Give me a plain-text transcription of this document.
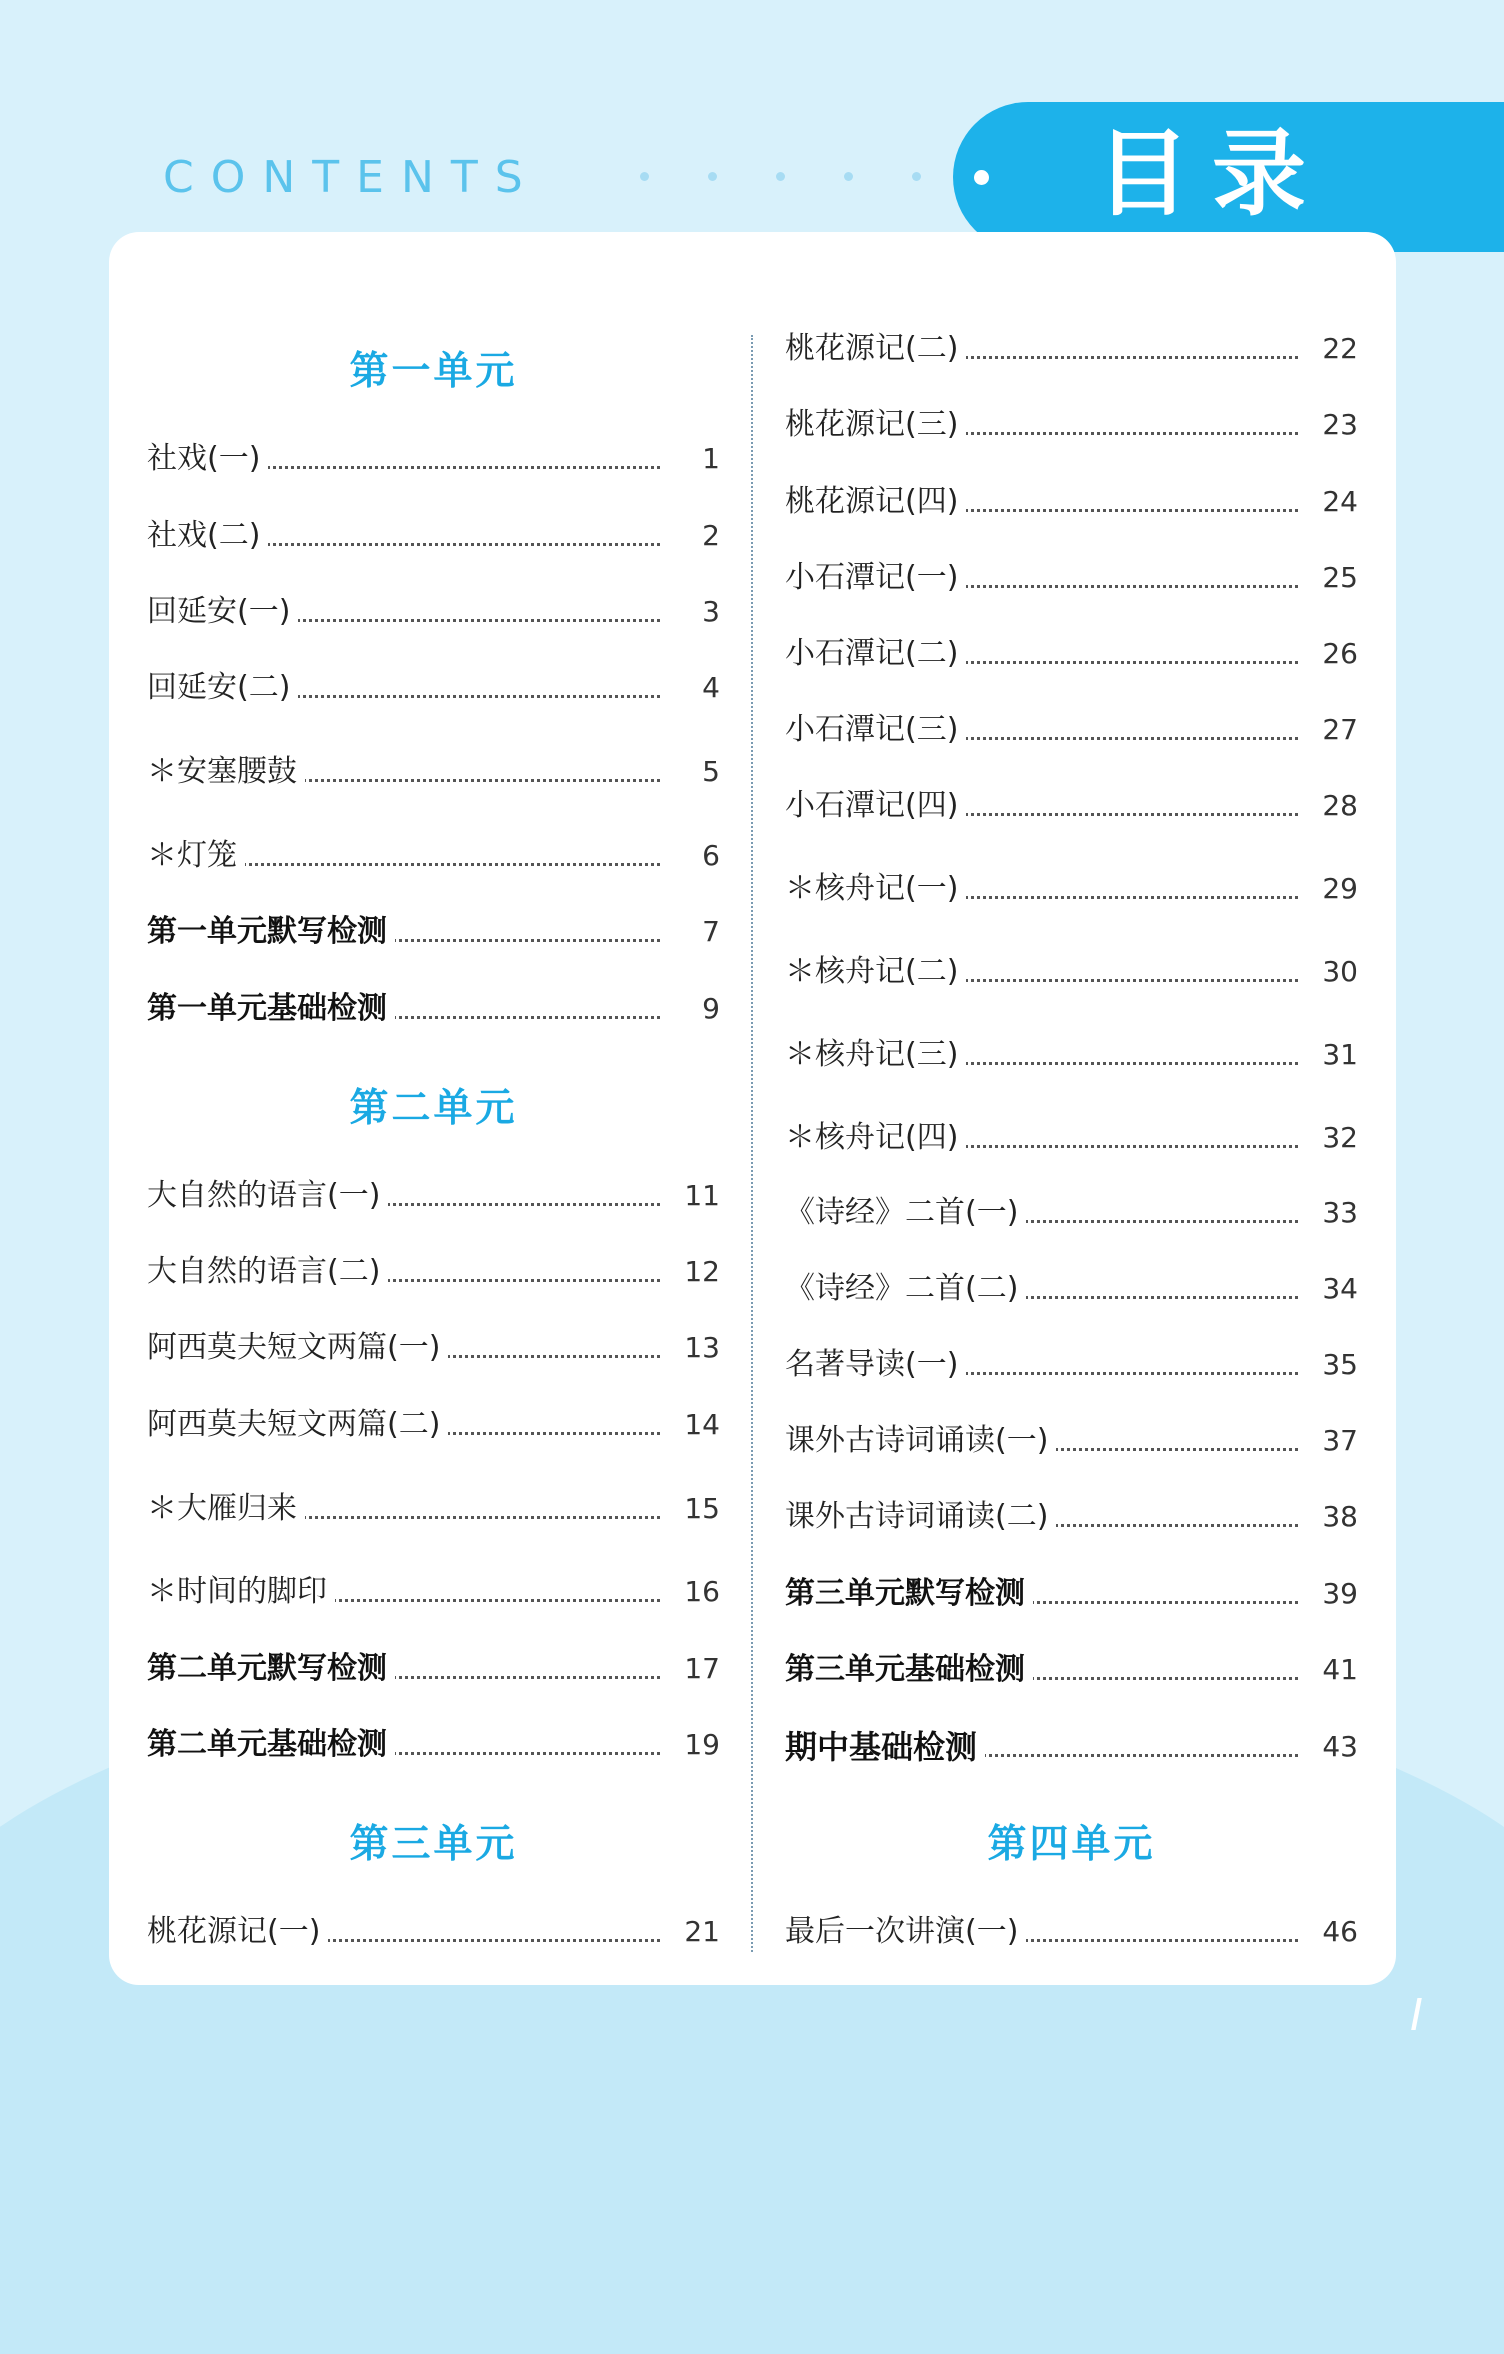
CONTENTS	目录
第一单元
社戏(一)	1
社戏(二)	2
回延安(一)	3
回延安(二)	4
＊安塞腰鼓	5
＊灯笼	6
第一单元默写检测	7
第一单元基础检测	9
第二单元
大自然的语言(一)	11
大自然的语言(二)	12
阿西莫夫短文两篇(一)	13
阿西莫夫短文两篇(二)	14
＊大雁归来	15
＊时间的脚印	16
第二单元默写检测	17
第二单元基础检测	19
第三单元
桃花源记(一)	21
桃花源记(二)	22
桃花源记(三)	23
桃花源记(四)	24
小石潭记(一)	25
小石潭记(二)	26
小石潭记(三)	27
小石潭记(四)	28
＊核舟记(一)	29
＊核舟记(二)	30
＊核舟记(三)	31
＊核舟记(四)	32
《诗经》二首(一)	33
《诗经》二首(二)	34
名著导读(一)	35
课外古诗词诵读(一)	37
课外古诗词诵读(二)	38
第三单元默写检测	39
第三单元基础检测	41
期中基础检测	43
第四单元
最后一次讲演(一)	46
I
